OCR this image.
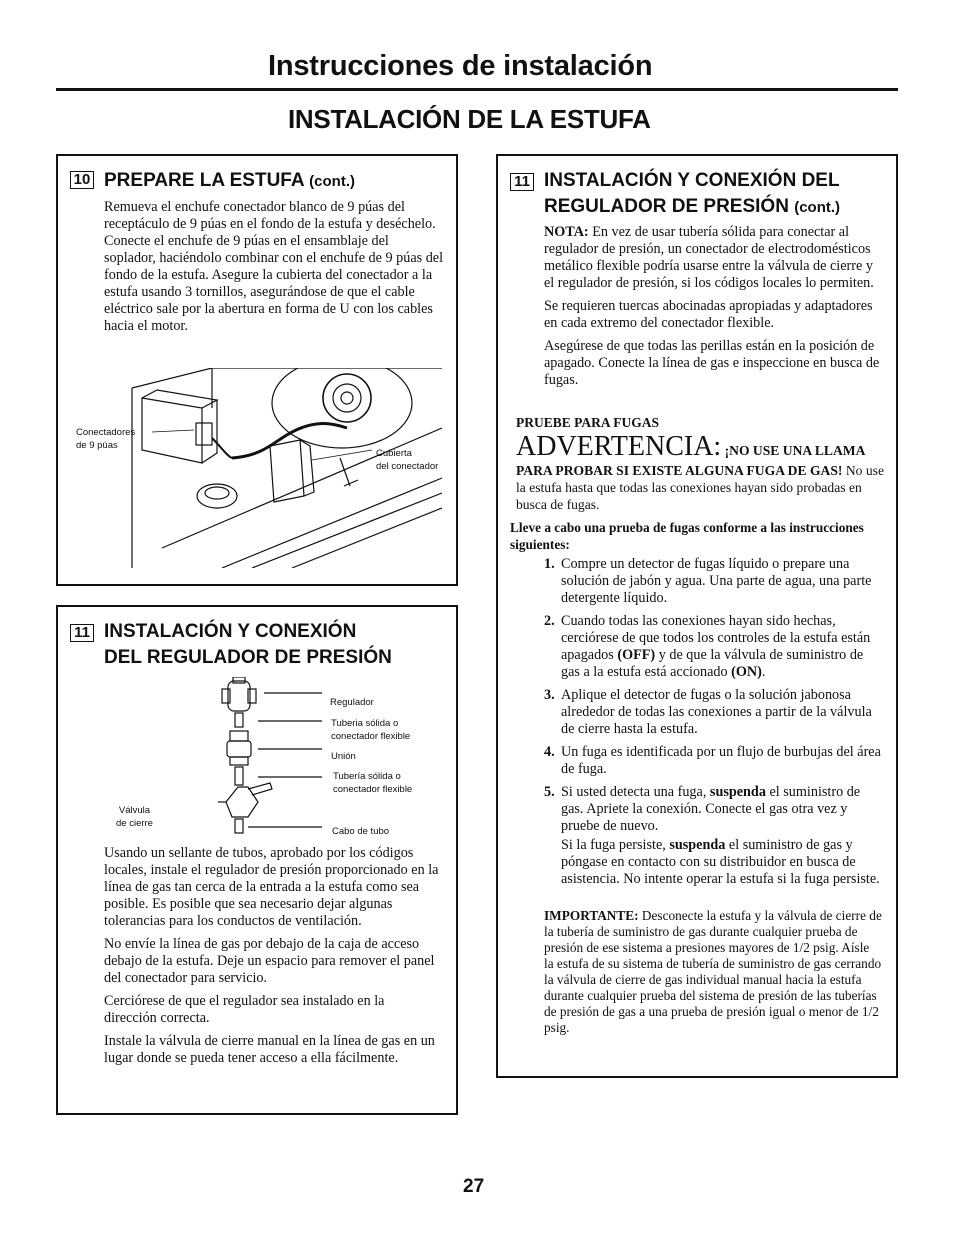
Instrucciones de instalación
INSTALACIÓN DE LA ESTUFA
10 PREPARE LA ESTUFA (cont.)

Remueva el enchufe conectador blanco de 9 púas del receptáculo de 9 púas en el fondo de la estufa y deséchelo. Conecte el enchufe de 9 púas en el ensamblaje del soplador, haciéndolo combinar con el enchufe de 9 púas del fondo de la estufa. Asegure la cubierta del conectador a la estufa usando 3 tornillos, asegurándose de que el cable eléctrico sale por la abertura en forma de U con los cables hacia el motor.

Conectadores
de 9 púas
Cubierta
del conectador
11 INSTALACIÓN Y CONEXIÓN
DEL REGULADOR DE PRESIÓN
Regulador
Tuberia sólida o
conectador flexible
Unión
Tubería sólida o
conectador flexible
Válvula
de cierre
Cabo de tubo

Usando un sellante de tubos, aprobado por los códigos locales, instale el regulador de presión proporcionado en la línea de gas tan cerca de la entrada a la estufa como sea posible. Es posible que sea necesario dejar algunas tolerancias para los conductos de ventilación.

No envíe la línea de gas por debajo de la caja de acceso debajo de la estufa. Deje un espacio para remover el panel del conectador para servicio.

Cerciórese de que el regulador sea instalado en la dirección correcta.

Instale la válvula de cierre manual en la línea de gas en un lugar donde se pueda tener acceso a ella fácilmente.

11 INSTALACIÓN Y CONEXIÓN DEL
REGULADOR DE PRESIÓN (cont.)

NOTA: En vez de usar tubería sólida para conectar al regulador de presión, un conectador de electrodomésticos metálico flexible podría usarse entre la válvula de cierre y el regulador de presión, si los códigos locales lo permiten.

Se requieren tuercas abocinadas apropiadas y adaptadores en cada extremo del conectador flexible.

Asegúrese de que todas las perillas están en la posición de apagado. Conecte la línea de gas e inspeccione en busca de fugas.

PRUEBE PARA FUGAS
ADVERTENCIA: ¡NO USE UNA LLAMA PARA PROBAR SI EXISTE ALGUNA FUGA DE GAS! No use la estufa hasta que todas las conexiones hayan sido probadas en busca de fugas.
Lleve a cabo una prueba de fugas conforme a las instrucciones siguientes:
1. Compre un detector de fugas líquido o prepare una solución de jabón y agua. Una parte de agua, una parte detergente líquido.
2. Cuando todas las conexiones hayan sido hechas, cerciórese de que todos los controles de la estufa están apagados (OFF) y de que la válvula de suministro de gas a la estufa está accionado (ON).
3. Aplique el detector de fugas o la solución jabonosa alrededor de todas las conexiones a partir de la válvula de cierre hasta la estufa.
4. Un fuga es identificada por un flujo de burbujas del área de fuga.
5. Si usted detecta una fuga, suspenda el suministro de gas. Apriete la conexión. Conecte el gas otra vez y pruebe de nuevo.

Si la fuga persiste, suspenda el suministro de gas y póngase en contacto con su distribuidor en busca de asistencia. No intente operar la estufa si la fuga persiste.

IMPORTANTE: Desconecte la estufa y la válvula de cierre de la tubería de suministro de gas durante cualquier prueba de presión de ese sistema a presiones mayores de 1/2 psig. Aísle la estufa de su sistema de tubería de suministro de gas cerrando la válvula de cierre de gas individual manual hacia la estufa durante cualquier prueba del sistema de presión de las tuberías de presión de gas a una prueba de presión igual o menor de 1/2 psig.

27
